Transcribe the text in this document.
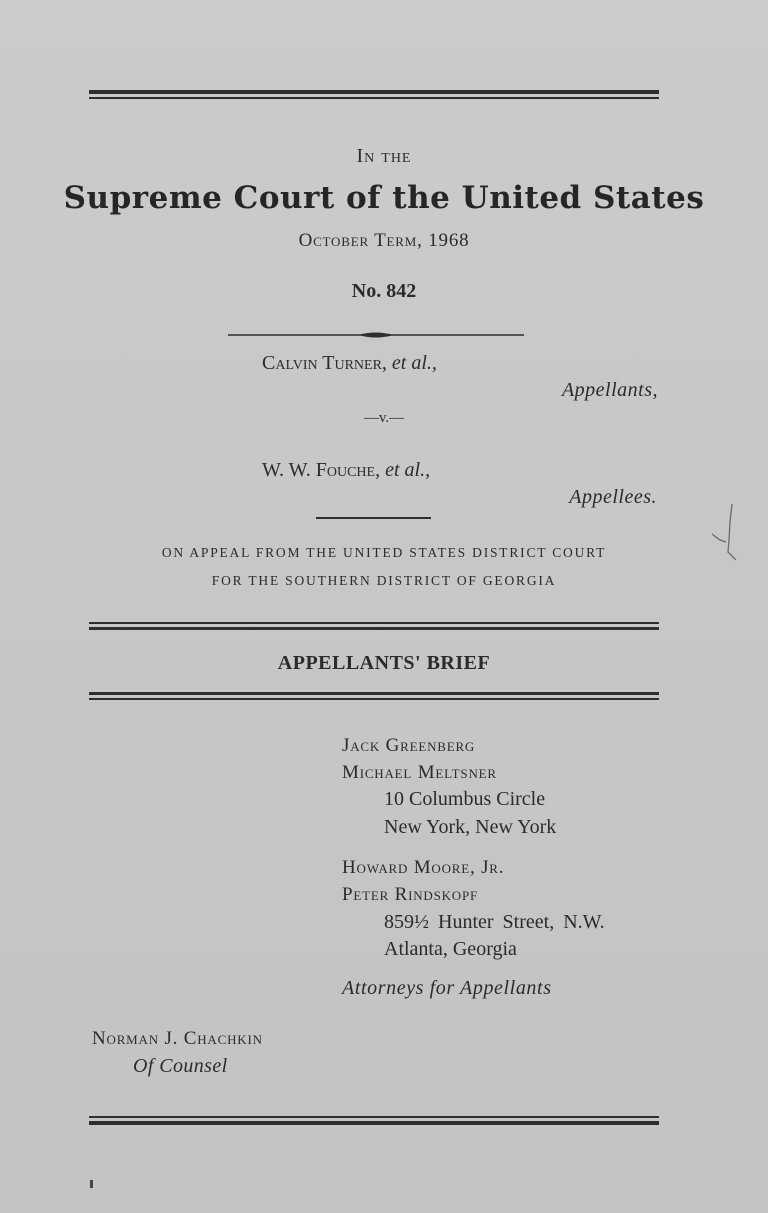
In the
Supreme Court of the United States
October Term, 1968
No. 842
Calvin Turner, et al.,
Appellants,
—v.—
W. W. Fouche, et al.,
Appellees.
ON APPEAL FROM THE UNITED STATES DISTRICT COURT
FOR THE SOUTHERN DISTRICT OF GEORGIA
APPELLANTS' BRIEF
Jack Greenberg
Michael Meltsner
10 Columbus Circle
New York, New York
Howard Moore, Jr.
Peter Rindskopf
859½ Hunter Street, N.W.
Atlanta, Georgia
Attorneys for Appellants
Norman J. Chachkin
Of Counsel
